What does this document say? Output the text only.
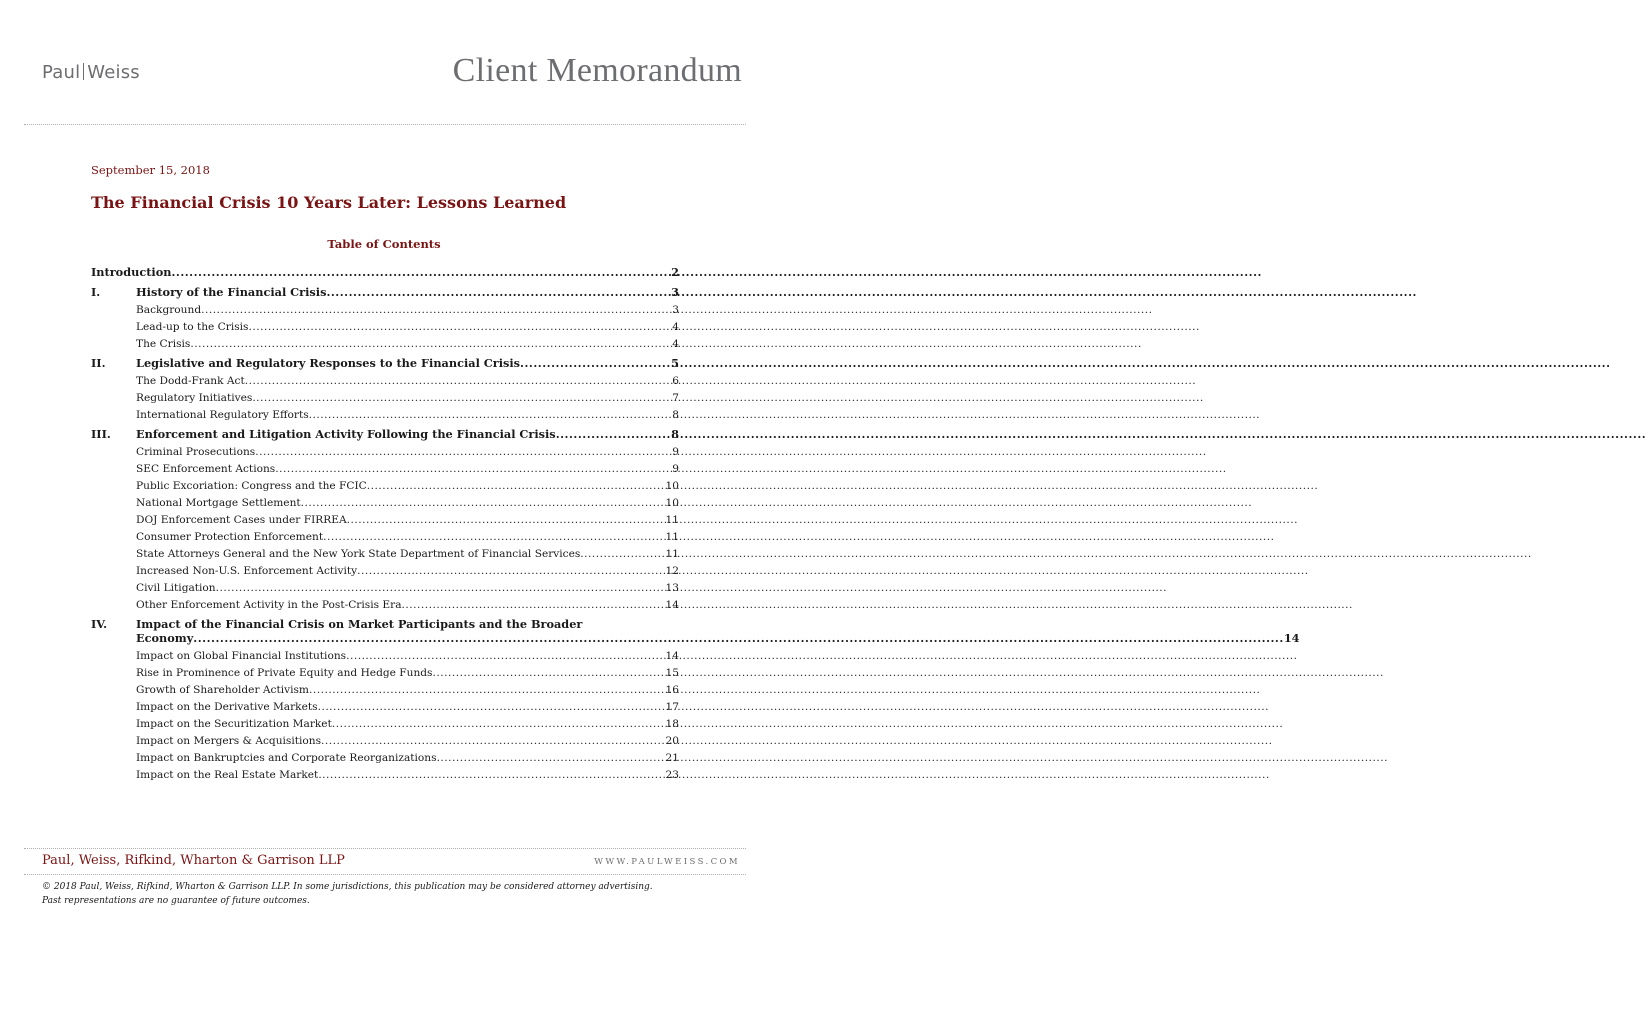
Paul Weiss	Client Memorandum
September 15, 2018
The Financial Crisis 10 Years Later: Lessons Learned
Table of Contents
Introduction .....	2
I.	History of the Financial Crisis .....	3
Background .....	3
Lead-up to the Crisis .....	4
The Crisis .....	4
II.	Legislative and Regulatory Responses to the Financial Crisis .....	5
The Dodd-Frank Act .....	6
Regulatory Initiatives .....	7
International Regulatory Efforts .....	8
III.	Enforcement and Litigation Activity Following the Financial Crisis .....	8
Criminal Prosecutions .....	9
SEC Enforcement Actions .....	9
Public Excoriation: Congress and the FCIC .....	10
National Mortgage Settlement .....	10
DOJ Enforcement Cases under FIRREA .....	11
Consumer Protection Enforcement .....	11
State Attorneys General and the New York State Department of Financial Services .....	11
Increased Non-U.S. Enforcement Activity .....	12
Civil Litigation .....	13
Other Enforcement Activity in the Post-Crisis Era .....	14
IV.	Impact of the Financial Crisis on Market Participants and the Broader
Economy .....	14
Impact on Global Financial Institutions .....	14
Rise in Prominence of Private Equity and Hedge Funds .....	15
Growth of Shareholder Activism .....	16
Impact on the Derivative Markets .....	17
Impact on the Securitization Market .....	18
Impact on Mergers & Acquisitions .....	20
Impact on Bankruptcies and Corporate Reorganizations .....	21
Impact on the Real Estate Market .....	23
Paul, Weiss, Rifkind, Wharton & Garrison LLP	WWW.PAULWEISS.COM
© 2018 Paul, Weiss, Rifkind, Wharton & Garrison LLP. In some jurisdictions, this publication may be considered attorney advertising.
Past representations are no guarantee of future outcomes.
